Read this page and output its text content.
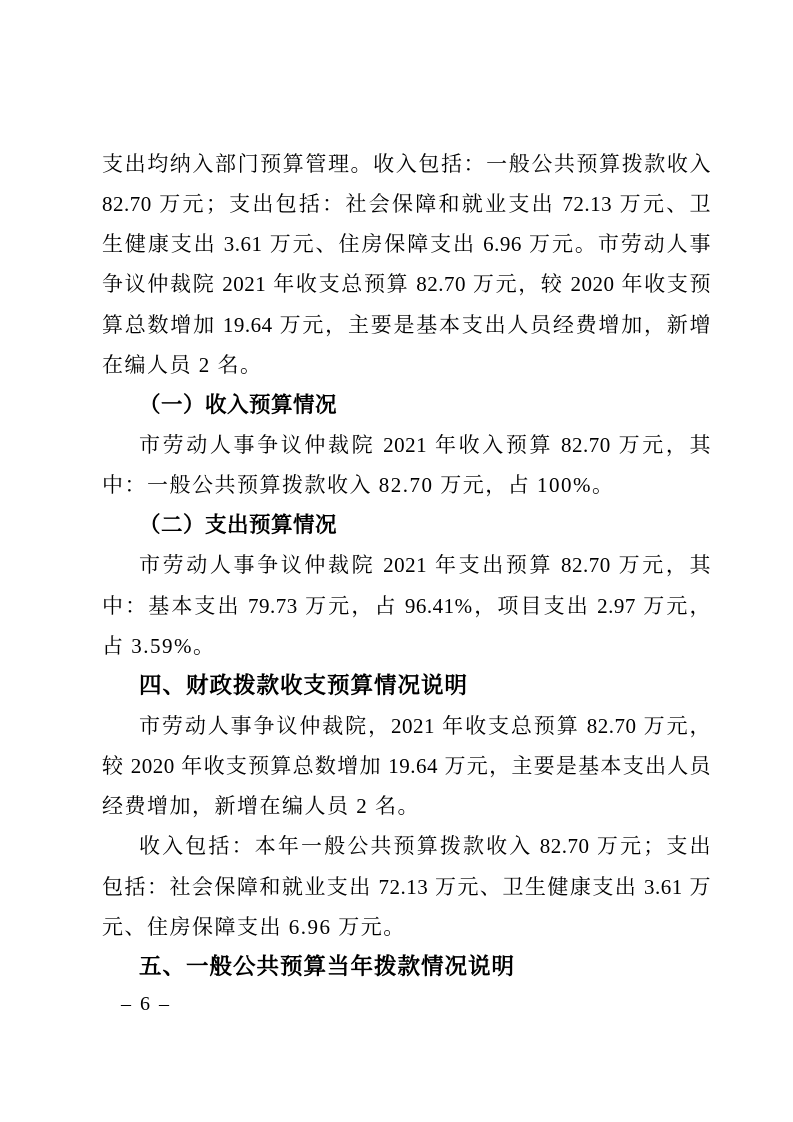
支出均纳入部门预算管理。收入包括：一般公共预算拨款收入
82.70 万元；支出包括：社会保障和就业支出 72.13 万元、卫
生健康支出 3.61 万元、住房保障支出 6.96 万元。市劳动人事
争议仲裁院 2021 年收支总预算 82.70 万元，较 2020 年收支预
算总数增加 19.64 万元，主要是基本支出人员经费增加，新增
在编人员 2 名。
（一）收入预算情况
市劳动人事争议仲裁院 2021 年收入预算 82.70 万元，其
中：一般公共预算拨款收入 82.70 万元，占 100%。
（二）支出预算情况
市劳动人事争议仲裁院 2021 年支出预算 82.70 万元，其
中：基本支出 79.73 万元，占 96.41%，项目支出 2.97 万元，
占 3.59%。
四、财政拨款收支预算情况说明
市劳动人事争议仲裁院，2021 年收支总预算 82.70 万元，
较 2020 年收支预算总数增加 19.64 万元，主要是基本支出人员
经费增加，新增在编人员 2 名。
收入包括：本年一般公共预算拨款收入 82.70 万元；支出
包括：社会保障和就业支出 72.13 万元、卫生健康支出 3.61 万
元、住房保障支出 6.96 万元。
五、一般公共预算当年拨款情况说明
– 6 –
